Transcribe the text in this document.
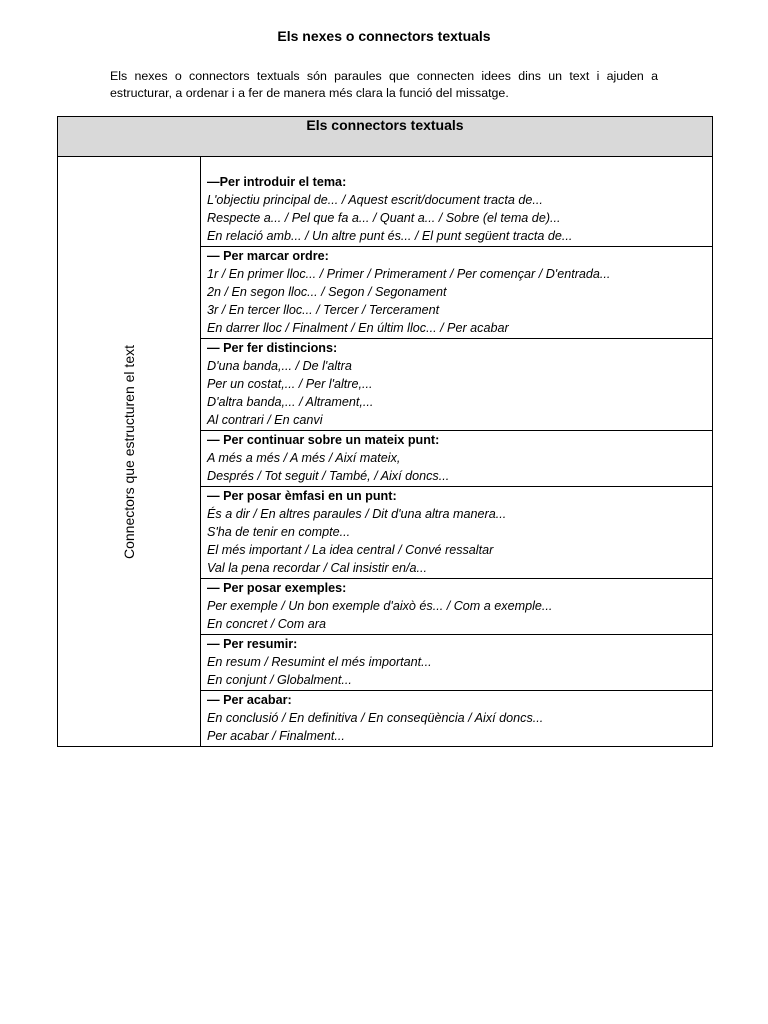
Els nexes o connectors textuals
Els nexes o connectors textuals són paraules que connecten idees dins un text i ajuden a estructurar, a ordenar i a fer de manera més clara la funció del missatge.
Els connectors textuals

Connectors que estructuren el text

—Per introduir el tema:
L'objectiu principal de... / Aquest escrit/document tracta de...
Respecte a... / Pel que fa a... / Quant a... / Sobre (el tema de)...
En relació amb... / Un altre punt és... / El punt següent tracta de...
— Per marcar ordre:
1r / En primer lloc... / Primer / Primerament / Per començar / D'entrada...
2n / En segon lloc... / Segon / Segonament
3r / En tercer lloc... / Tercer / Tercerament
En darrer lloc / Finalment / En últim lloc... / Per acabar
— Per fer distincions:
D'una banda,... / De l'altra
Per un costat,... / Per l'altre,...
D'altra banda,... / Altrament,...
Al contrari / En canvi
— Per continuar sobre un mateix punt:
A més a més / A més / Així mateix,
Després / Tot seguit / També, / Així doncs...
— Per posar èmfasi en un punt:
És a dir / En altres paraules / Dit d'una altra manera...
S'ha de tenir en compte...
El més important / La idea central / Convé ressaltar
Val la pena recordar / Cal insistir en/a...
— Per posar exemples:
Per exemple / Un bon exemple d'això és... / Com a exemple...
En concret / Com ara
— Per resumir:
En resum / Resumint el més important...
En conjunt / Globalment...
— Per acabar:
En conclusió / En definitiva / En conseqüència / Així doncs...
Per acabar / Finalment...
